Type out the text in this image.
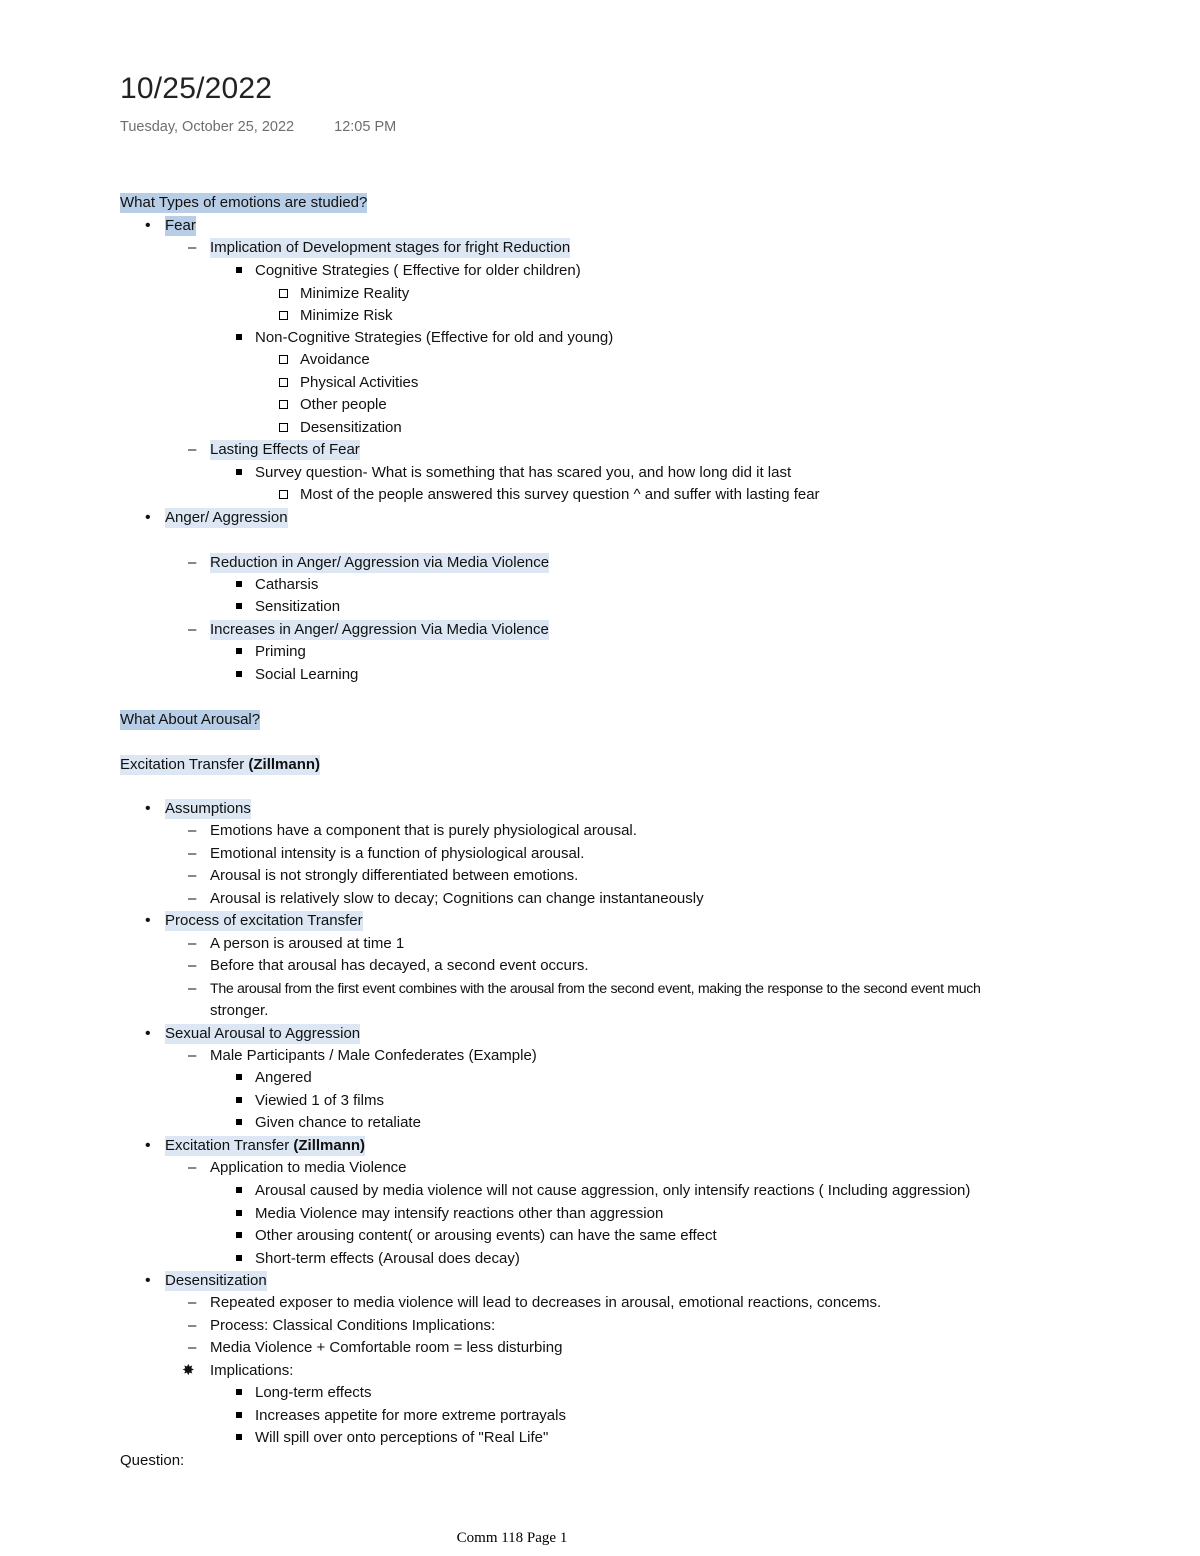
10/25/2022
Tuesday, October 25, 2022	12:05 PM
What Types of emotions are studied?
•
Fear
–
Implication of Development stages for fright Reduction
Cognitive Strategies ( Effective for older children)
Minimize Reality
Minimize Risk
Non-Cognitive Strategies (Effective for old and young)
Avoidance
Physical Activities
Other people
Desensitization
–
Lasting Effects of Fear
Survey question- What is something that has scared you, and how long did it last
Most of the people answered this survey question ^ and suffer with lasting fear
•
Anger/ Aggression
–
Reduction in Anger/ Aggression via Media Violence
Catharsis
Sensitization
–
Increases in Anger/ Aggression Via Media Violence
Priming
Social Learning
What About Arousal?
Excitation Transfer (Zillmann)
•
Assumptions
–
Emotions have a component that is purely physiological arousal.
–
Emotional intensity is a function of physiological arousal.
–
Arousal is not strongly differentiated between emotions.
–
Arousal is relatively slow to decay; Cognitions can change instantaneously
•
Process of excitation Transfer
–
A person is aroused at time 1
–
Before that arousal has decayed, a second event occurs.
–
The arousal from the first event combines with the arousal from the second event, making the response to the second event much
stronger.
•
Sexual Arousal to Aggression
–
Male Participants / Male Confederates (Example)
Angered
Viewied 1 of 3 films
Given chance to retaliate
•
Excitation Transfer (Zillmann)
–
Application to media Violence
Arousal caused by media violence will not cause aggression, only intensify reactions ( Including aggression)
Media Violence may intensify reactions other than aggression
Other arousing content( or arousing events) can have the same effect
Short-term effects (Arousal does decay)
•
Desensitization
–
Repeated exposer to media violence will lead to decreases in arousal, emotional reactions, concems.
–
Process: Classical Conditions Implications:
–
Media Violence + Comfortable room = less disturbing
✸
Implications:
Long-term effects
Increases appetite for more extreme portrayals
Will spill over onto perceptions of "Real Life"
Question:
Comm 118 Page 1
